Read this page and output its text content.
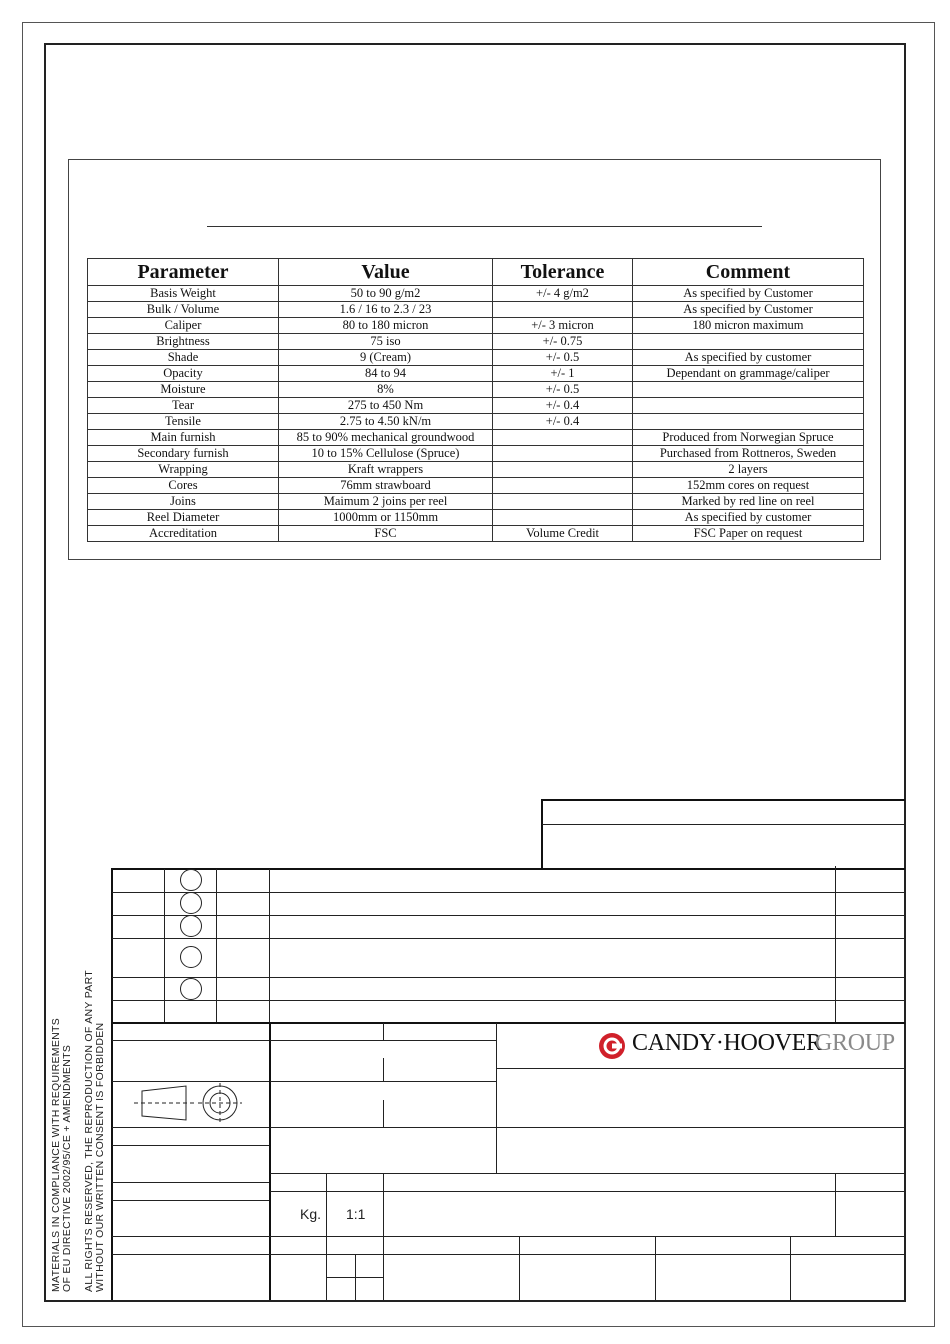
Parameter	Value	Tolerance	Comment
Basis Weight	50 to 90 g/m2	+/- 4 g/m2	As specified by Customer
Bulk / Volume	1.6 / 16 to 2.3 / 23		As specified by Customer
Caliper	80 to 180 micron	+/- 3 micron	180 micron maximum
Brightness	75 iso	+/- 0.75	
Shade	9 (Cream)	+/- 0.5	As specified by customer
Opacity	84 to 94	+/- 1	Dependant on grammage/caliper
Moisture	8%	+/- 0.5	
Tear	275 to 450 Nm	+/- 0.4	
Tensile	2.75 to 4.50 kN/m	+/- 0.4	
Main furnish	85 to 90% mechanical groundwood		Produced from Norwegian Spruce
Secondary furnish	10 to 15% Cellulose (Spruce)		Purchased from Rottneros, Sweden
Wrapping	Kraft wrappers		2 layers
Cores	76mm strawboard		152mm cores on request
Joins	Maimum 2 joins per reel		Marked by red line on reel
Reel Diameter	1000mm or 1150mm		As specified by customer
Accreditation	FSC	Volume Credit	FSC Paper on request
Kg. 1:1
CANDY·HOOVER
GROUP
MATERIALS IN COMPLIANCE WITH REQUIREMENTS OF EU DIRECTIVE 2002/95/CE + AMENDMENTS ALL RIGHTS RESERVED, THE REPRODUCTION OF ANY PART WITHOUT OUR WRITTEN CONSENT IS FORBIDDEN
